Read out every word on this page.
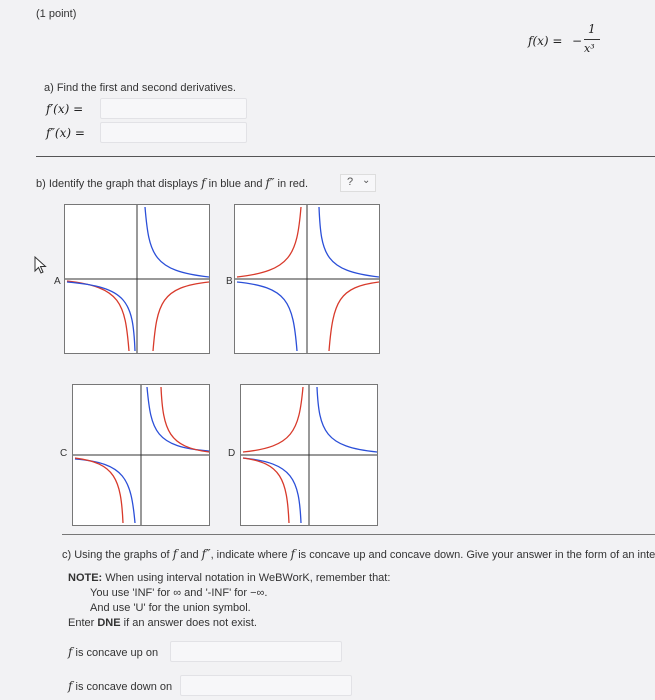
(1 point)
f(x) = −
1
x³
a) Find the first and second derivatives.
f′(x) =
f″(x) =
b) Identify the graph that displays f in blue and f″ in red.	? ⌄
A	B
C	D
c) Using the graphs of f and f″, indicate where f is concave up and concave down. Give your answer in the form of an inte
NOTE: When using interval notation in WeBWorK, remember that:
You use 'INF' for ∞ and '-INF' for −∞.
And use 'U' for the union symbol.
Enter DNE if an answer does not exist.
f is concave up on
f is concave down on
